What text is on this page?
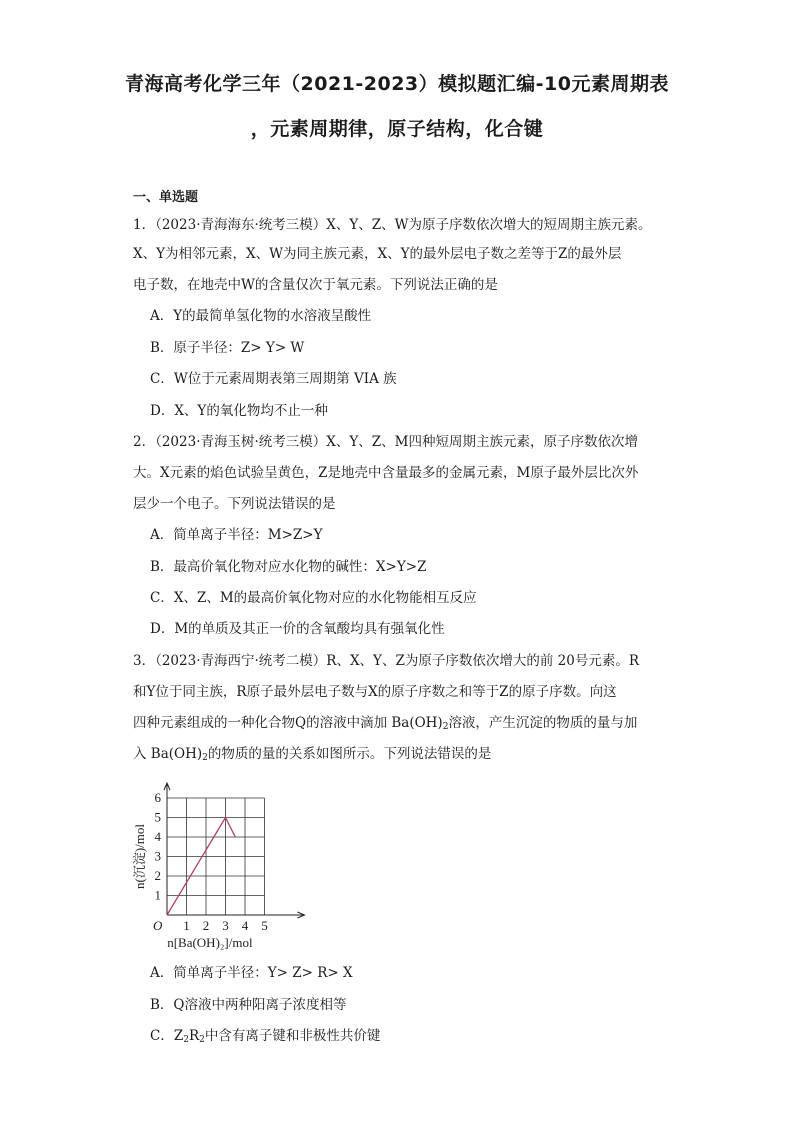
青海高考化学三年（2021-2023）模拟题汇编-10元素周期表
，元素周期律，原子结构，化合键
一、单选题
1．（2023·青海海东·统考三模）X、Y、Z、W为原子序数依次增大的短周期主族元素。
X、Y为相邻元素，X、W为同主族元素，X、Y的最外层电子数之差等于Z的最外层
电子数，在地壳中W的含量仅次于氧元素。下列说法正确的是
A．Y的最简单氢化物的水溶液呈酸性
B．原子半径：Z> Y> W
C．W位于元素周期表第三周期第 VIA 族
D．X、Y的氧化物均不止一种
2．（2023·青海玉树·统考三模）X、Y、Z、M四种短周期主族元素，原子序数依次增
大。X元素的焰色试验呈黄色，Z是地壳中含量最多的金属元素，M原子最外层比次外
层少一个电子。下列说法错误的是
A．简单离子半径：M>Z>Y
B．最高价氧化物对应水化物的碱性：X>Y>Z
C．X、Z、M的最高价氧化物对应的水化物能相互反应
D．M的单质及其正一价的含氧酸均具有强氧化性
3．（2023·青海西宁·统考二模）R、X、Y、Z为原子序数依次增大的前 20号元素。R
和Y位于同主族，R原子最外层电子数与X的原子序数之和等于Z的原子序数。向这
四种元素组成的一种化合物Q的溶液中滴加 $Ba(OH)_2$溶液，产生沉淀的物质的量与加
入 $Ba(OH)_2$的物质的量的关系如图所示。下列说法错误的是
1 2 3 4 5
1
2
3
4
5
6
O
n[Ba(OH)₂]/mol
n(沉淀)/mol
A．简单离子半径：Y> Z> R> X
B．Q溶液中两种阳离子浓度相等
C．$Z_2R_2$中含有离子键和非极性共价键
